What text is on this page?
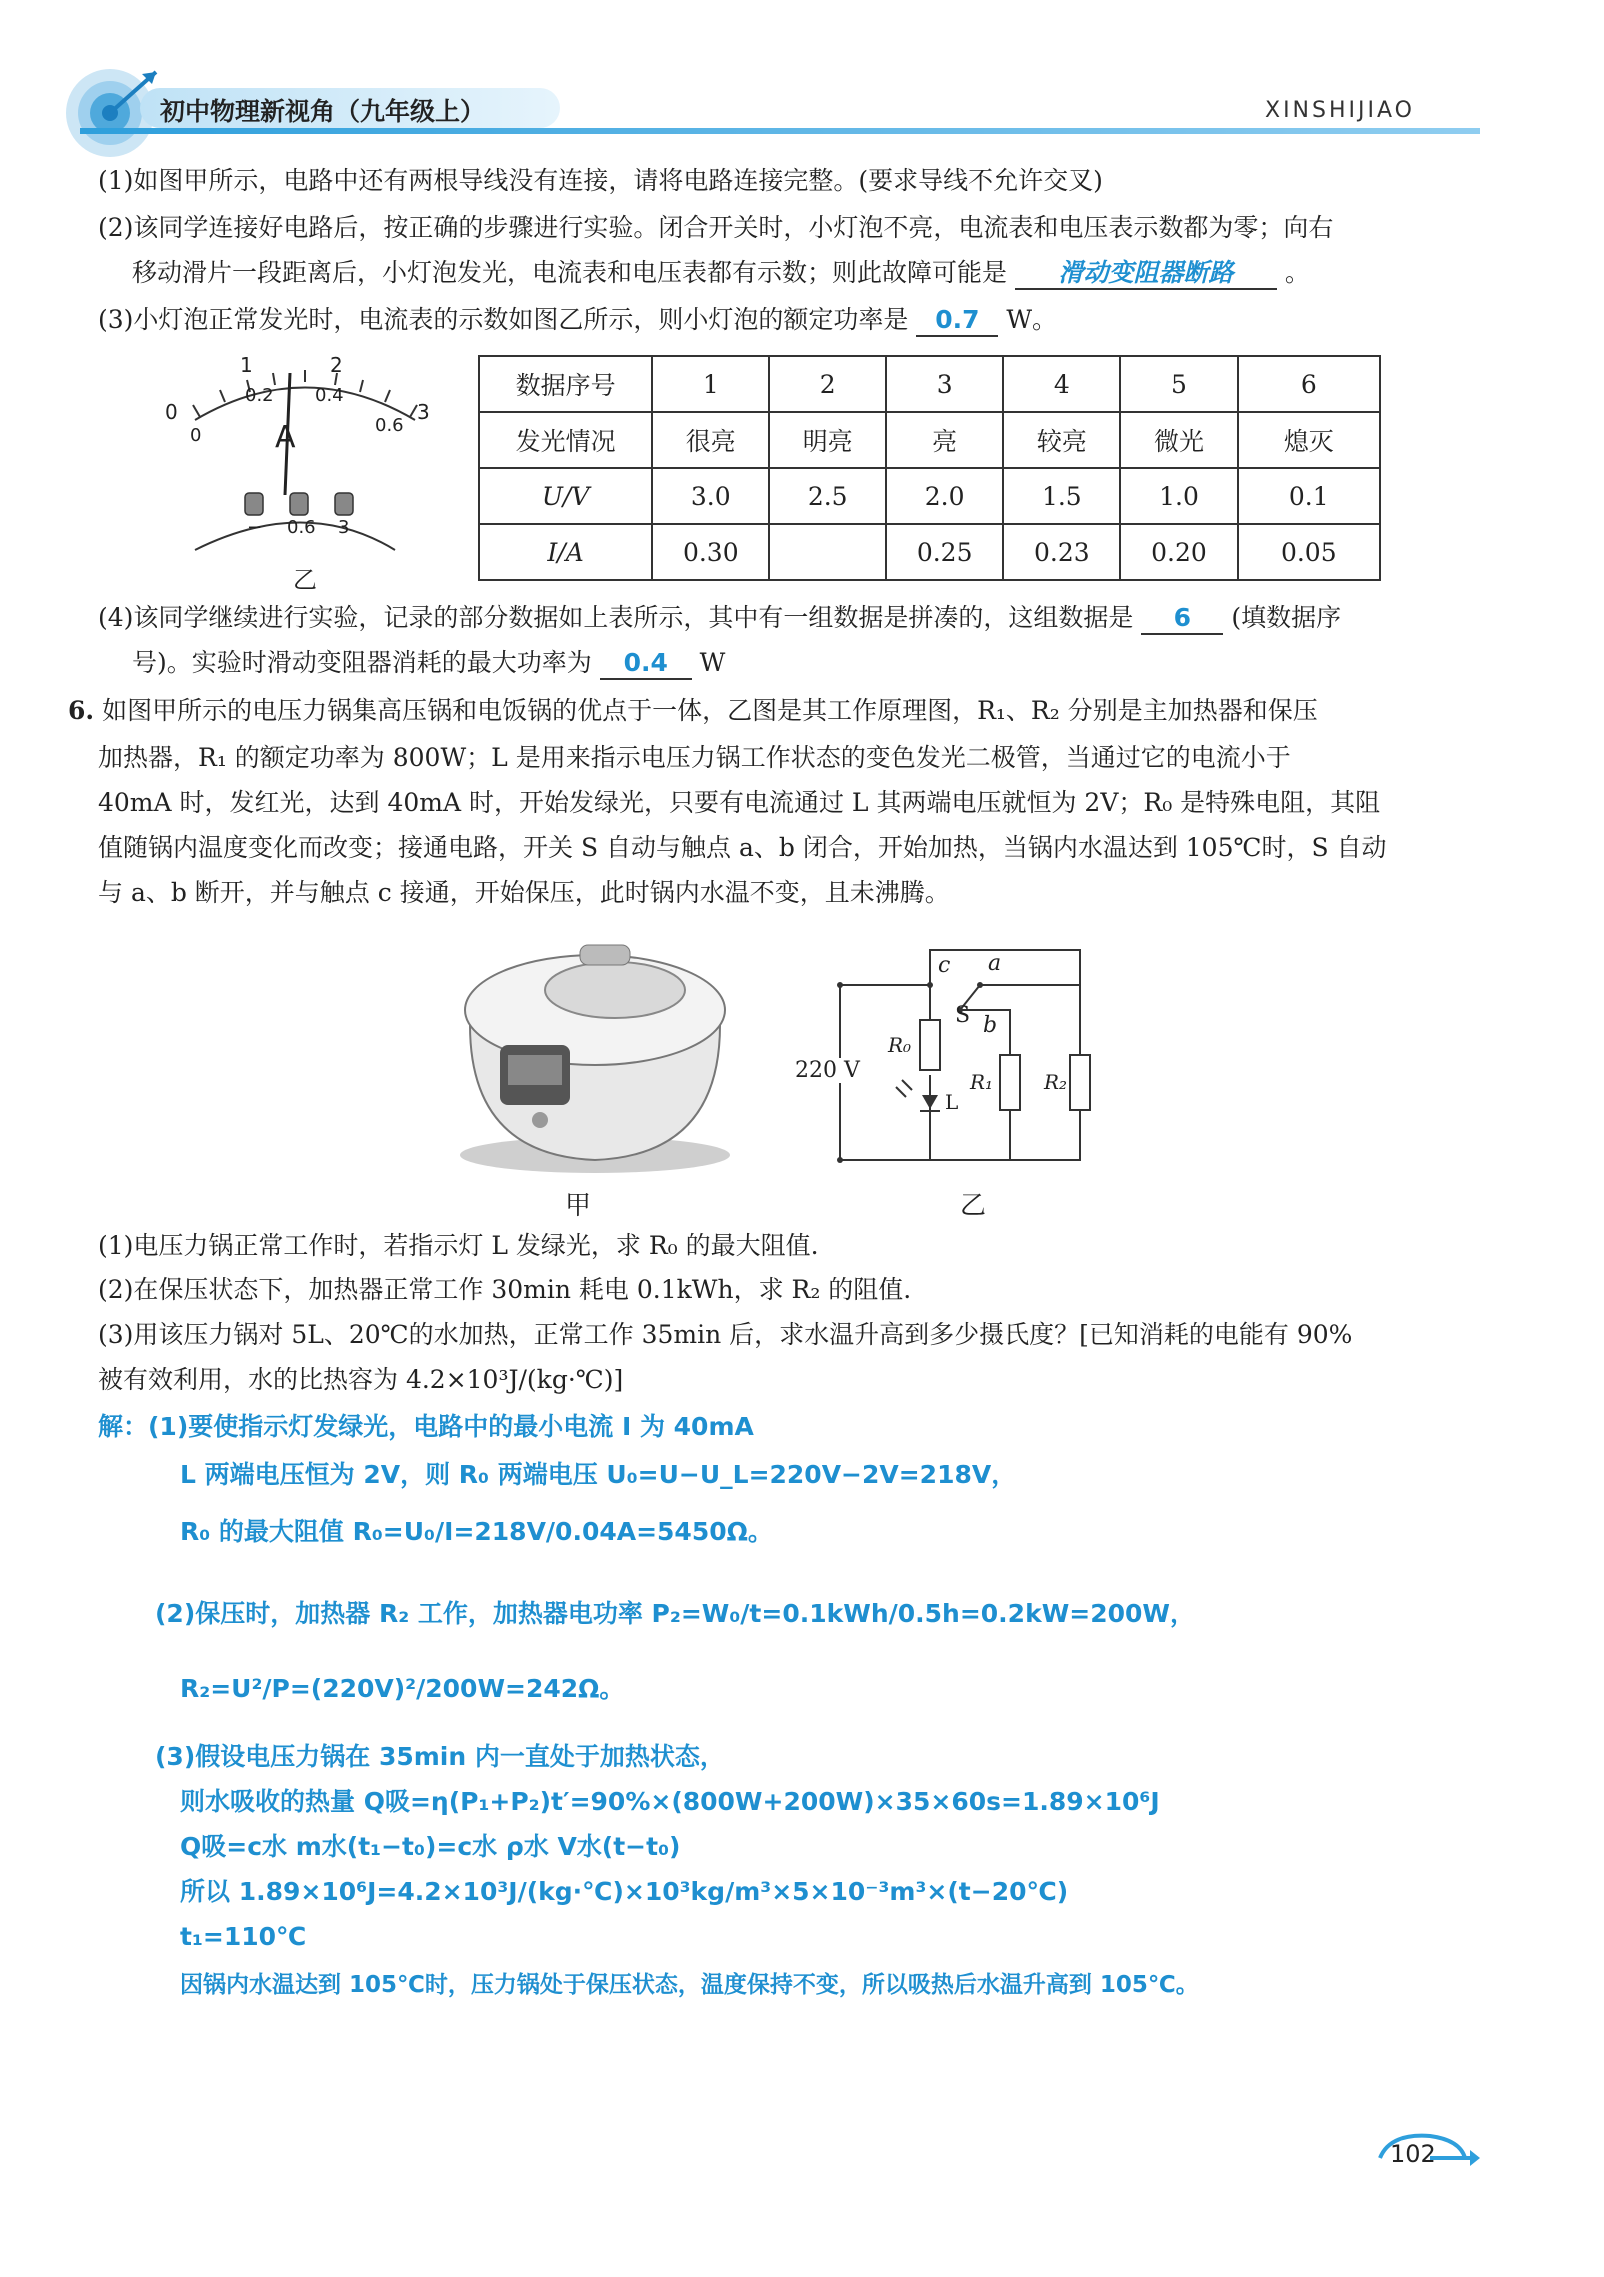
初中物理新视角（九年级上）	XINSHIJIAO
(1)如图甲所示，电路中还有两根导线没有连接，请将电路连接完整。(要求导线不允许交叉)
(2)该同学连接好电路后，按正确的步骤进行实验。闭合开关时，小灯泡不亮，电流表和电压表示数都为零；向右
移动滑片一段距离后，小灯泡发光，电流表和电压表都有示数；则此故障可能是 滑动变阻器断路 。
(3)小灯泡正常发光时，电流表的示数如图乙所示，则小灯泡的额定功率是 0.7 W。
0
1	2
3
0
0.2 0.4
0.6
A
− 0.6 3
乙
数据序号	1	2	3	4	5	6
发光情况	很亮	明亮	亮	较亮	微光	熄灭
U/V	3.0	2.5	2.0	1.5	1.0	0.1
I/A	0.30		0.25	0.23	0.20	0.05
(4)该同学继续进行实验，记录的部分数据如上表所示，其中有一组数据是拼凑的，这组数据是 6 (填数据序
号)。实验时滑动变阻器消耗的最大功率为 0.4 W
6. 如图甲所示的电压力锅集高压锅和电饭锅的优点于一体，乙图是其工作原理图，R₁、R₂ 分别是主加热器和保压
加热器，R₁ 的额定功率为 800W；L 是用来指示电压力锅工作状态的变色发光二极管，当通过它的电流小于
40mA 时，发红光，达到 40mA 时，开始发绿光，只要有电流通过 L 其两端电压就恒为 2V；R₀ 是特殊电阻，其阻
值随锅内温度变化而改变；接通电路，开关 S 自动与触点 a、b 闭合，开始加热，当锅内水温达到 105℃时，S 自动
与 a、b 断开，并与触点 c 接通，开始保压，此时锅内水温不变，且未沸腾。
甲
220 V
c a
S b
R₀
R₁	R₂
L
乙
(1)电压力锅正常工作时，若指示灯 L 发绿光，求 R₀ 的最大阻值.
(2)在保压状态下，加热器正常工作 30min 耗电 0.1kWh，求 R₂ 的阻值.
(3)用该压力锅对 5L、20℃的水加热，正常工作 35min 后，求水温升高到多少摄氏度？[已知消耗的电能有 90%
被有效利用，水的比热容为 4.2×10³J/(kg·℃)]
解：(1)要使指示灯发绿光，电路中的最小电流 I 为 40mA
L 两端电压恒为 2V，则 R₀ 两端电压 U₀=U−U_L=220V−2V=218V，
R₀ 的最大阻值 R₀=U₀/I=218V/0.04A=5450Ω。
(2)保压时，加热器 R₂ 工作，加热器电功率 P₂=W₀/t=0.1kWh/0.5h=0.2kW=200W，
R₂=U²/P=(220V)²/200W=242Ω。
(3)假设电压力锅在 35min 内一直处于加热状态，
则水吸收的热量 Q吸=η(P₁+P₂)t′=90%×(800W+200W)×35×60s=1.89×10⁶J
Q吸=c水 m水(t₁−t₀)=c水 ρ水 V水(t−t₀)
所以 1.89×10⁶J=4.2×10³J/(kg·℃)×10³kg/m³×5×10⁻³m³×(t−20℃)
t₁=110℃
因锅内水温达到 105℃时，压力锅处于保压状态，温度保持不变，所以吸热后水温升高到 105℃。
102
